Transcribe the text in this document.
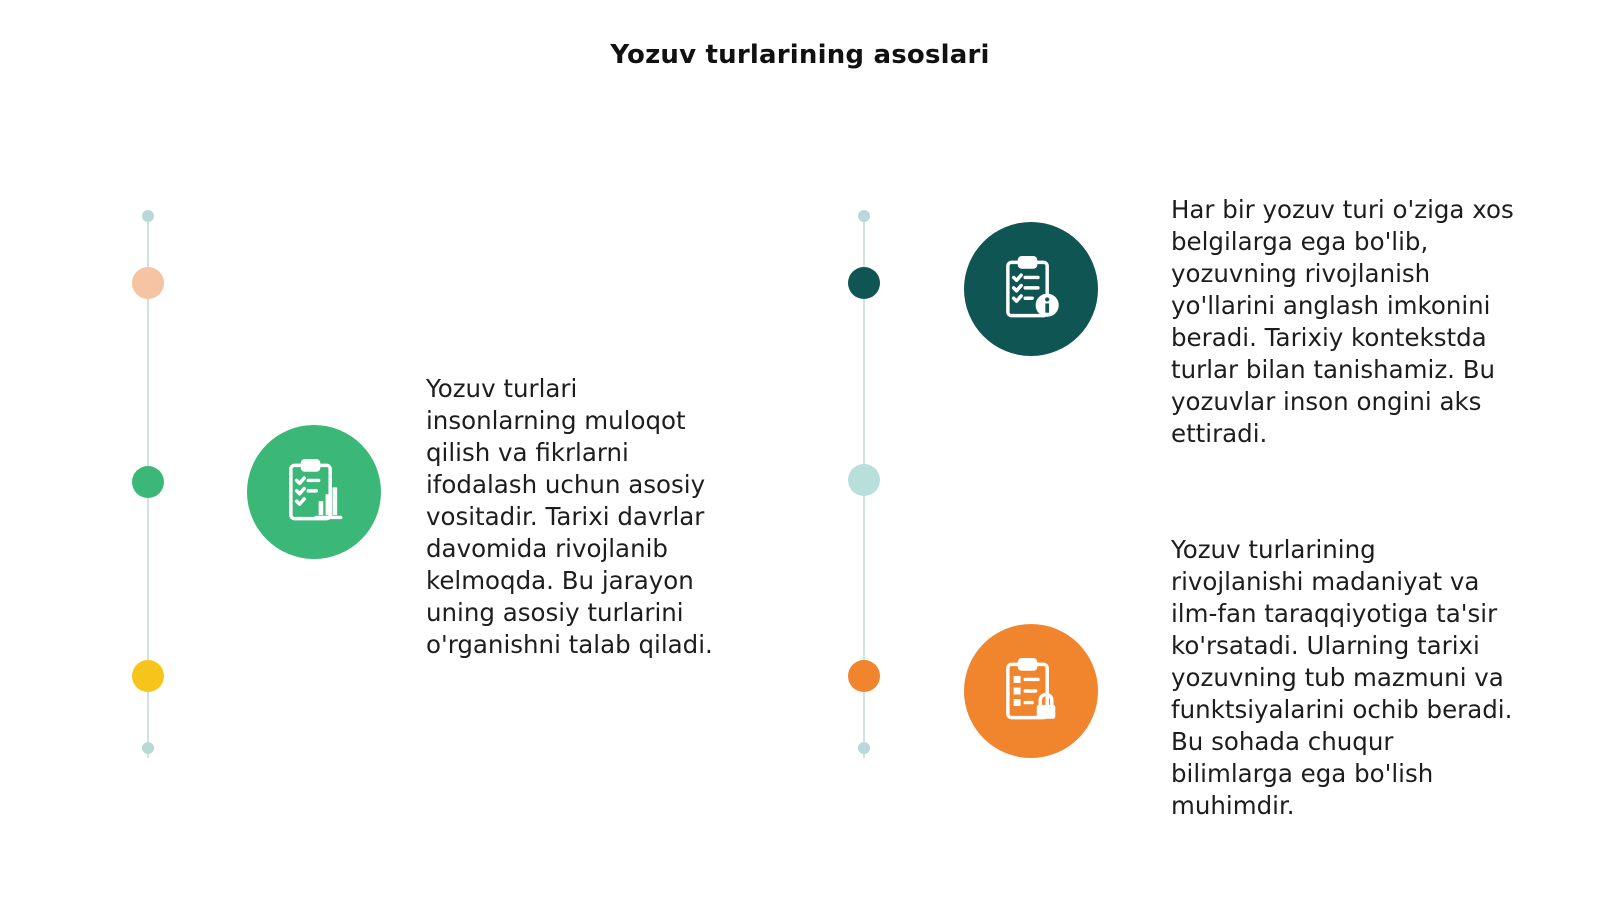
Yozuv turlarining asoslari
Yozuv turlari
insonlarning muloqot
qilish va fikrlarni
ifodalash uchun asosiy
vositadir. Tarixi davrlar
davomida rivojlanib
kelmoqda. Bu jarayon
uning asosiy turlarini
o'rganishni talab qiladi.
Har bir yozuv turi o'ziga xos
belgilarga ega bo'lib,
yozuvning rivojlanish
yo'llarini anglash imkonini
beradi. Tarixiy kontekstda
turlar bilan tanishamiz. Bu
yozuvlar inson ongini aks
ettiradi.
Yozuv turlarining
rivojlanishi madaniyat va
ilm-fan taraqqiyotiga ta'sir
ko'rsatadi. Ularning tarixi
yozuvning tub mazmuni va
funktsiyalarini ochib beradi.
Bu sohada chuqur
bilimlarga ega bo'lish
muhimdir.
